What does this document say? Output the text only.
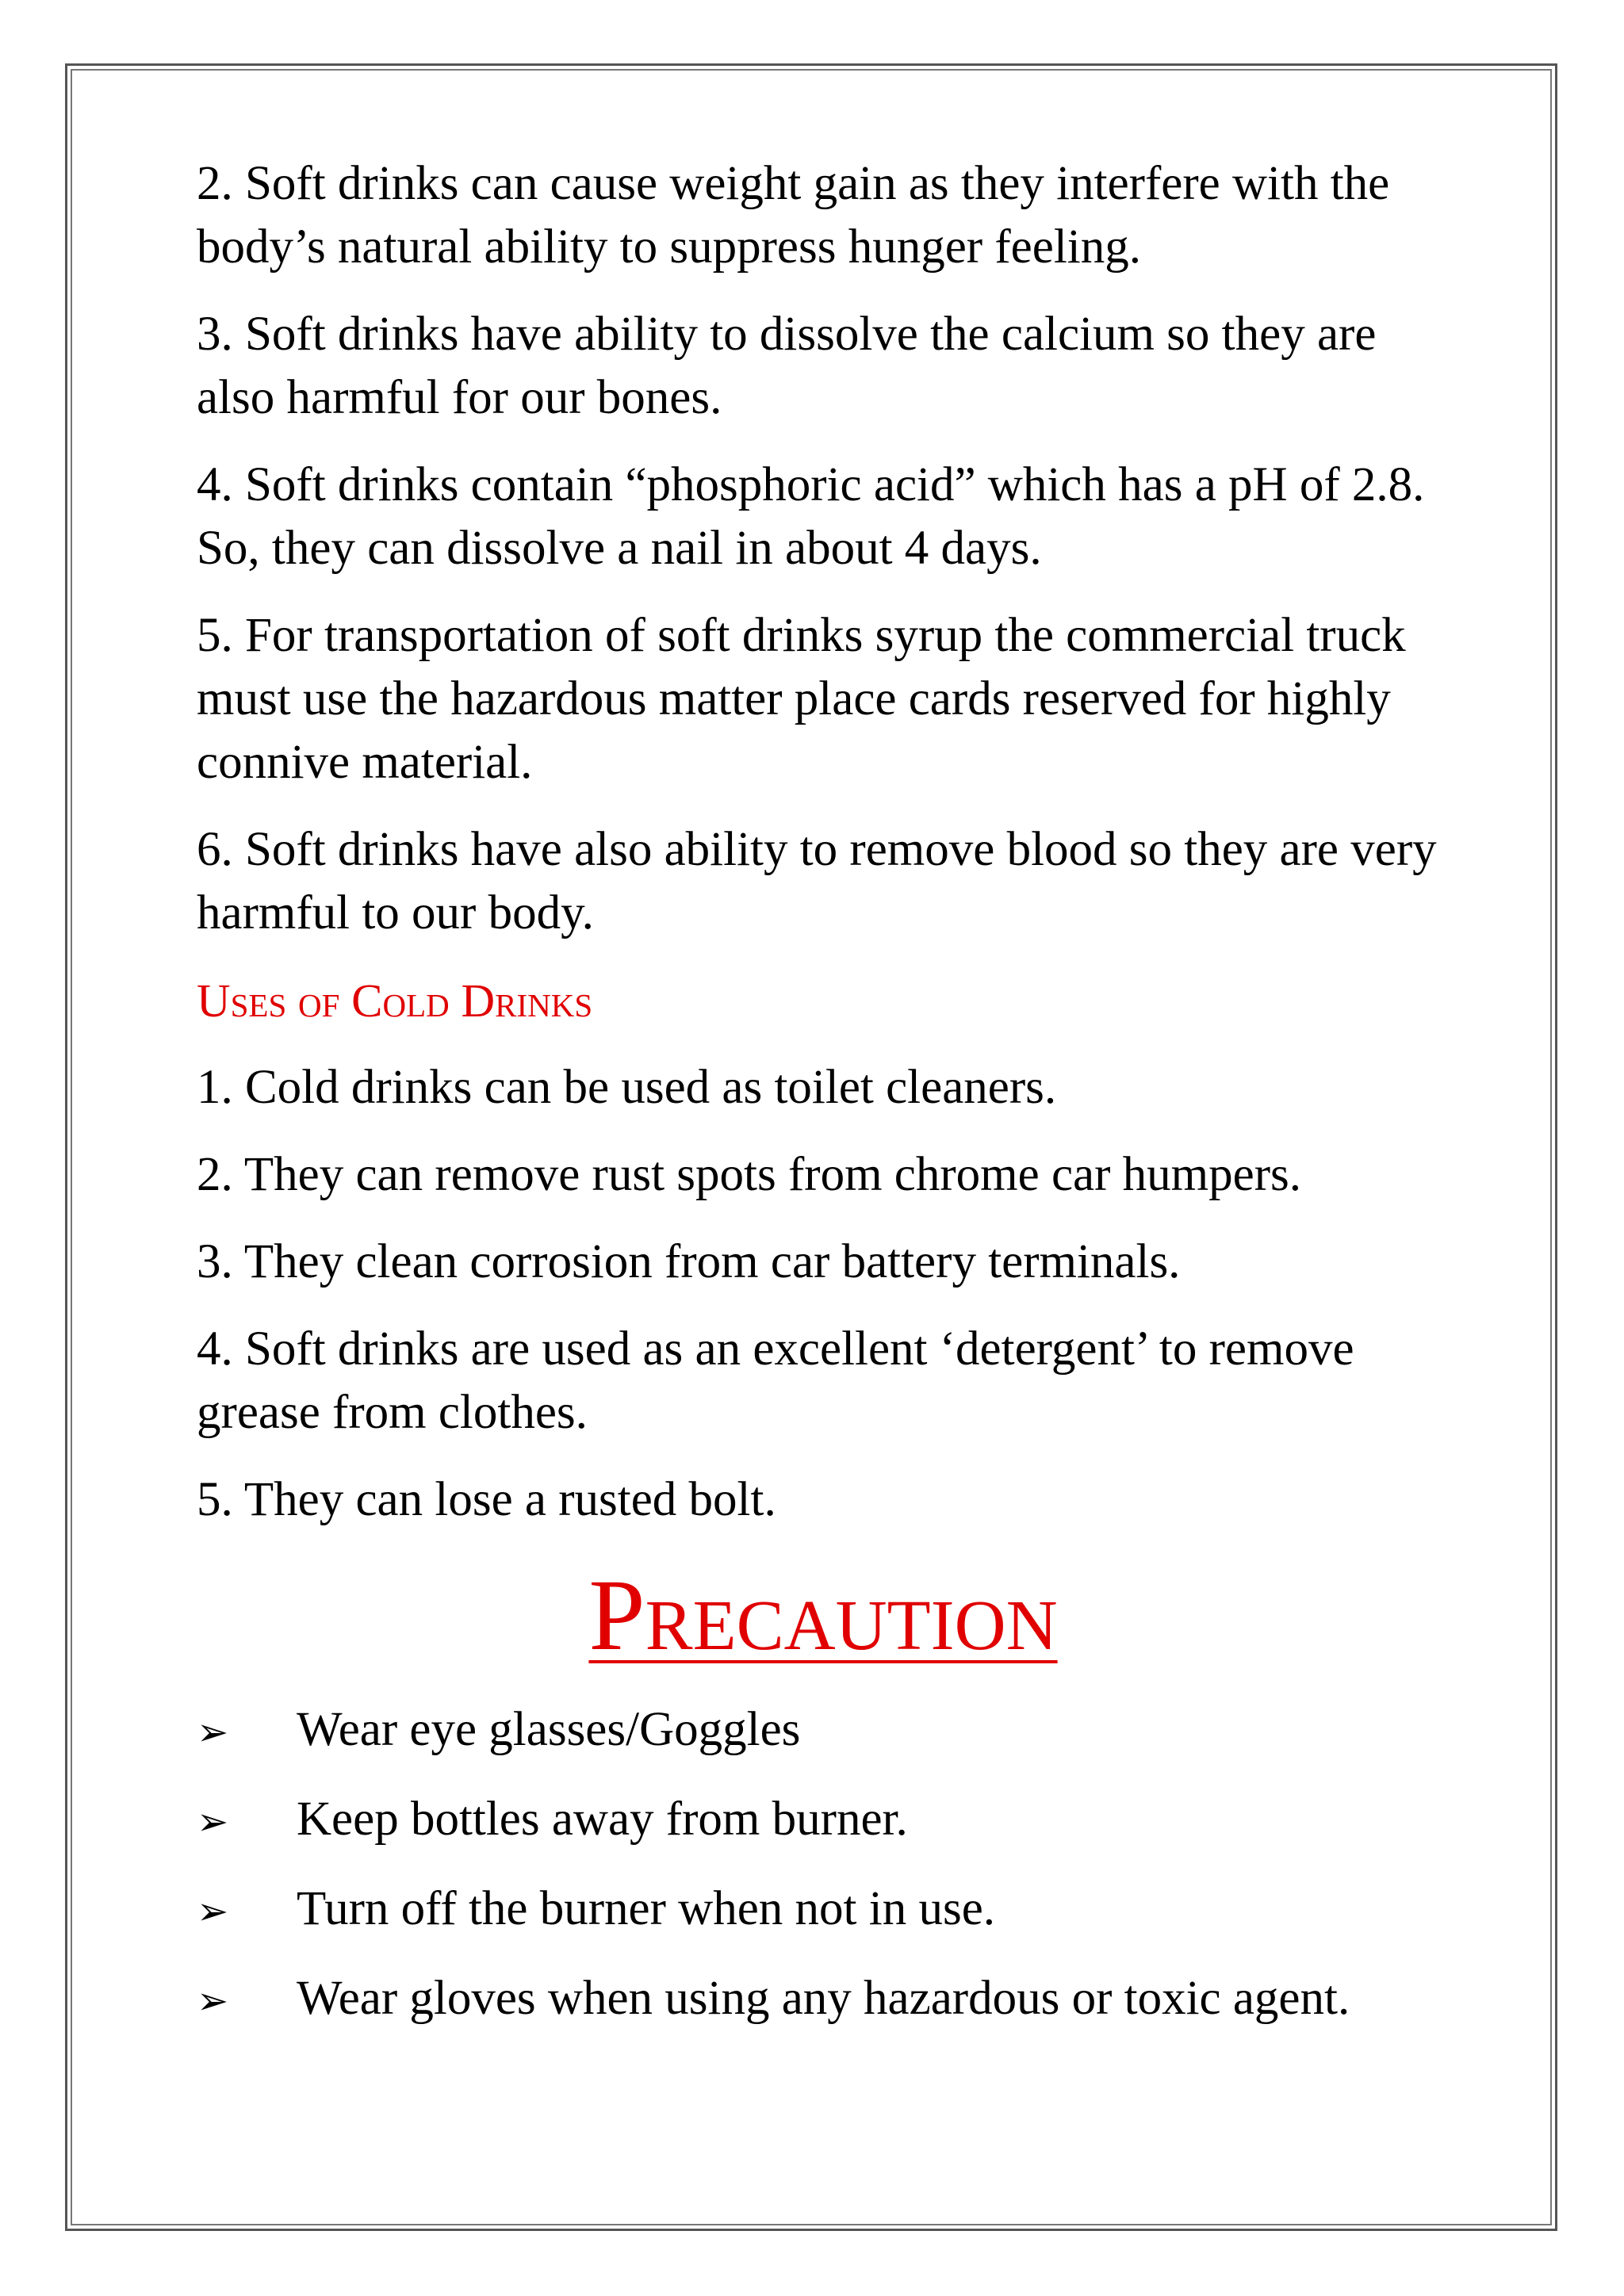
2. Soft drinks can cause weight gain as they interfere with the body’s natural ability to suppress hunger feeling.

3. Soft drinks have ability to dissolve the calcium so they are also harmful for our bones.

4. Soft drinks contain “phosphoric acid” which has a pH of 2.8. So, they can dissolve a nail in about 4 days.

5. For transportation of soft drinks syrup the commercial truck must use the hazardous matter place cards reserved for highly connive material.

6. Soft drinks have also ability to remove blood so they are very harmful to our body.

Uses of Cold Drinks

1. Cold drinks can be used as toilet cleaners.

2. They can remove rust spots from chrome car humpers.

3. They clean corrosion from car battery terminals.

4. Soft drinks are used as an excellent ‘detergent’ to remove grease from clothes.

5. They can lose a rusted bolt.

Precaution
➢ Wear eye glasses/Goggles
➢ Keep bottles away from burner.
➢ Turn off the burner when not in use.
➢ Wear gloves when using any hazardous or toxic agent.
